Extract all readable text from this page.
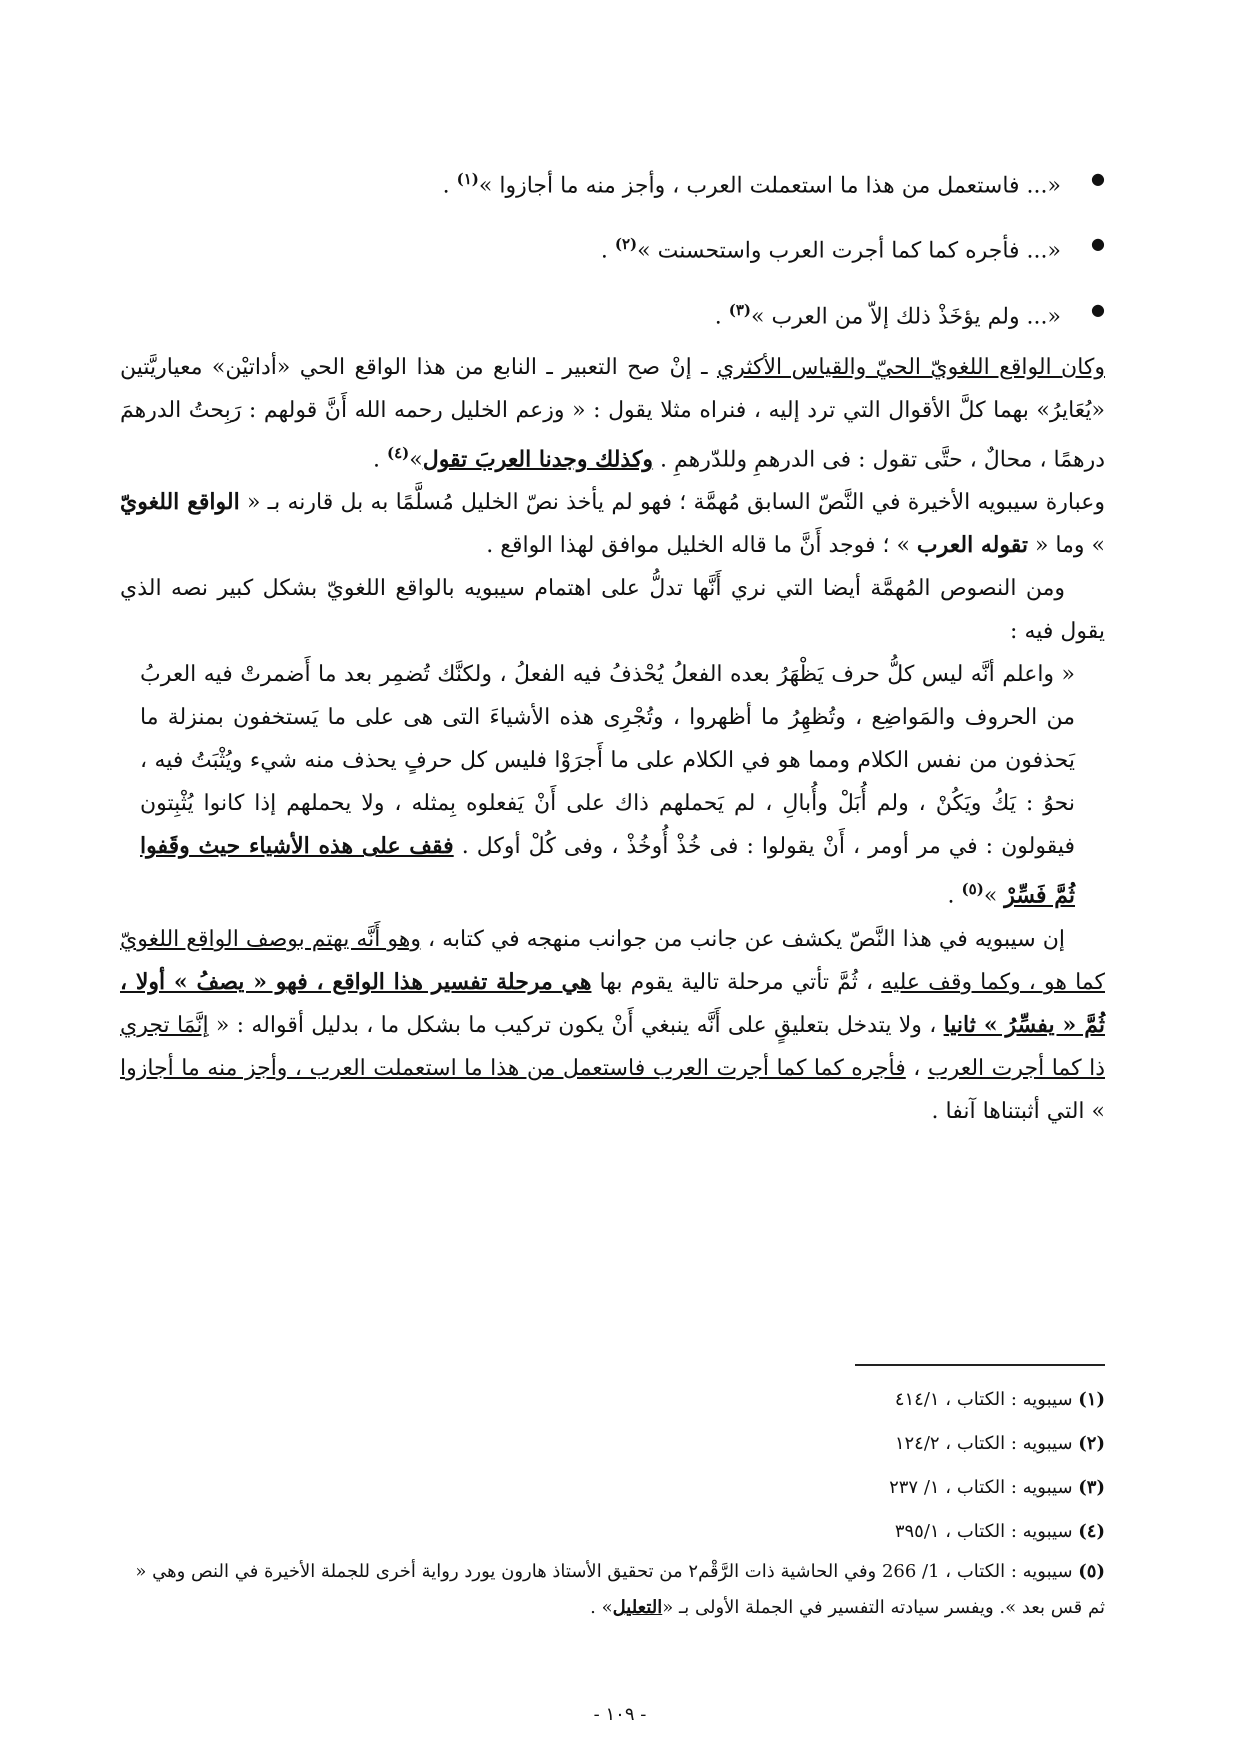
● «... فاستعمل من هذا ما استعملت العرب ، وأجز منه ما أجازوا »$^{(١)}$ .
● «... فأجره كما كما أجرت العرب واستحسنت »$^{(٢)}$ .
● «... ولم يؤخَذْ ذلك إلاّ من العرب »$^{(٣)}$ .

وكان الواقع اللغويّ الحيّ والقياس الأكثري ـ إنْ صح التعبير ـ النابع من هذا الواقع الحي «أداتيْن» معياريَّتين «يُعَايرُ» بهما كلَّ الأقوال التي ترد إليه ، فنراه مثلا يقول : « وزعم الخليل رحمه الله أَنَّ قولهم : رَبِحتُ الدرهمَ درهمًا ، محالٌ ، حتَّى تقول : فى الدرهمِ وللدّرهمِ . وكذلك وجدنا العربَ تقول»$^{(٤)}$ .

وعبارة سيبويه الأخيرة في النَّصّ السابق مُهمَّة ؛ فهو لم يأخذ نصّ الخليل مُسلَّمًا به بل قارنه بـ « الواقع اللغويّ » وما « تقوله العرب » ؛ فوجد أَنَّ ما قاله الخليل موافق لهذا الواقع .

ومن النصوص المُهمَّة أيضا التي نري أَنَّها تدلُّ على اهتمام سيبويه بالواقع اللغويّ بشكل كبير نصه الذي يقول فيه :

« واعلم أنَّه ليس كلُّ حرف يَظْهَرُ بعده الفعلُ يُحْذفُ فيه الفعلُ ، ولكنَّك تُضمِر بعد ما أَضمرتْ فيه العربُ من الحروف والمَواضِع ، وتُظهِرُ ما أظهروا ، وتُجْرِى هذه الأشياءَ التى هى على ما يَستخفون بمنزلة ما يَحذفون من نفس الكلام ومما هو في الكلام على ما أَجرَوْا فليس كل حرفٍ يحذف منه شيء ويُثْبَتُ فيه ، نحوُ : يَكُ ويَكُنْ ، ولم أُبَلْ وأُبالِ ، لم يَحملهم ذاك على أَنْ يَفعلوه بِمثله ، ولا يحملهم إذا كانوا يُثْبِتون فيقولون : في مر أومر ، أَنْ يقولوا : فى خُذْ أُوخُذْ ، وفى كُلْ أوكل . فقف على هذه الأشياء حيث وقَفوا ثُمَّ فَسِّرْ »$^{(٥)}$ .

إن سيبويه في هذا النَّصّ يكشف عن جانب من جوانب منهجه في كتابه ، وهو أَنَّه يهتم بوصف الواقع اللغويّ كما هو ، وكما وقف عليه ، ثُمَّ تأتي مرحلة تالية يقوم بها هي مرحلة تفسير هذا الواقع ، فهو « يصفُ » أولا ، ثُمَّ « يفسِّرُ » ثانيا ، ولا يتدخل بتعليقٍ على أَنَّه ينبغي أَنْ يكون تركيب ما بشكل ما ، بدليل أقواله : « إنَّمَا تجري ذا كما أجرت العرب ، فأجره كما كما أجرت العرب فاستعمل من هذا ما استعملت العرب ، وأجز منه ما أجازوا » التي أثبتناها آنفا .

(١) سيبويه : الكتاب ، ٤١٤/١

(٢) سيبويه : الكتاب ، ١٢٤/٢

(٣) سيبويه : الكتاب ، ١/ ٢٣٧

(٤) سيبويه : الكتاب ، ٣٩٥/١

(٥) سيبويه : الكتاب ، 1/ 266 وفي الحاشية ذات الرَّقْم٢ من تحقيق الأستاذ هارون يورد رواية أخرى للجملة الأخيرة في النص وهي « ثم قس بعد ». ويفسر سيادته التفسير في الجملة الأولى بـ «التعليل» .

- ١٠٩ -
